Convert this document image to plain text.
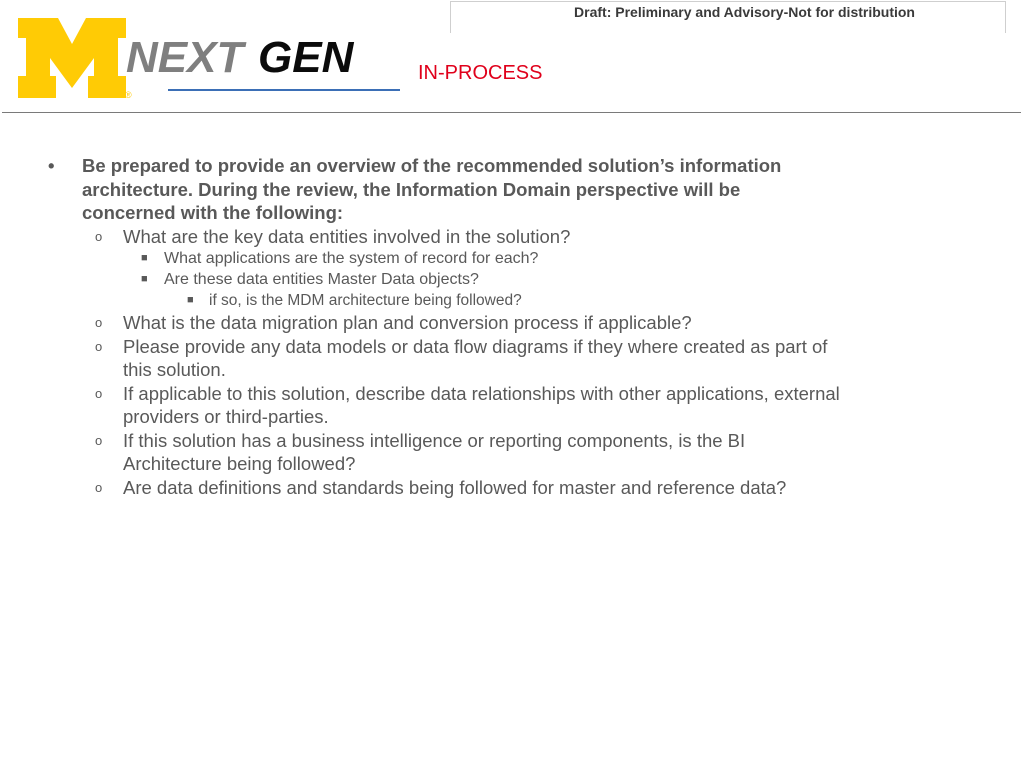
Draft: Preliminary and Advisory-Not for distribution
NEXT GEN
®
IN-PROCESS
• Be prepared to provide an overview of the recommended solution’s information
architecture. During the review, the Information Domain perspective will be
concerned with the following:
o What are the key data entities involved in the solution?
■ What applications are the system of record for each?
■ Are these data entities Master Data objects?
■ if so, is the MDM architecture being followed?
o What is the data migration plan and conversion process if applicable?
o Please provide any data models or data flow diagrams if they where created as part of
this solution.
o If applicable to this solution, describe data relationships with other applications, external
providers or third-parties.
o If this solution has a business intelligence or reporting components, is the BI
Architecture being followed?
o Are data definitions and standards being followed for master and reference data?
